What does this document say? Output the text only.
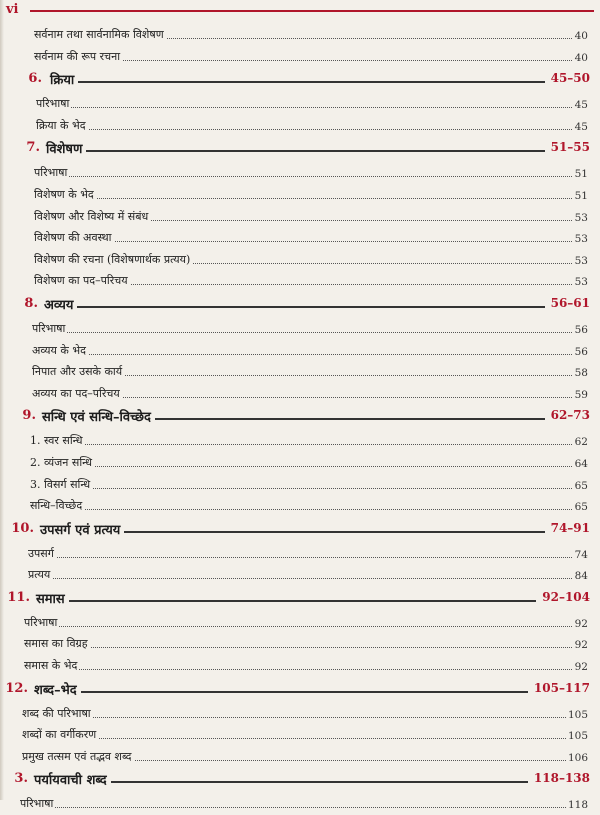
vi
सर्वनाम तथा सार्वनामिक विशेषण	40
सर्वनाम की रूप रचना	40
6. क्रिया	45–50
परिभाषा	45
क्रिया के भेद	45
7. विशेषण	51–55
परिभाषा	51
विशेषण के भेद	51
विशेषण और विशेष्य में संबंध	53
विशेषण की अवस्था	53
विशेषण की रचना (विशेषणार्थक प्रत्यय)	53
विशेषण का पद–परिचय	53
8. अव्यय	56–61
परिभाषा	56
अव्यय के भेद	56
निपात और उसके कार्य	58
अव्यय का पद–परिचय	59
9. सन्धि एवं सन्धि–विच्छेद	62–73
1. स्वर सन्धि	62
2. व्यंजन सन्धि	64
3. विसर्ग सन्धि	65
सन्धि–विच्छेद	65
10. उपसर्ग एवं प्रत्यय	74–91
उपसर्ग	74
प्रत्यय	84
11. समास	92–104
परिभाषा	92
समास का विग्रह	92
समास के भेद	92
12. शब्द–भेद	105–117
शब्द की परिभाषा	105
शब्दों का वर्गीकरण	105
प्रमुख तत्सम एवं तद्भव शब्द	106
3. पर्यायवाची शब्द	118–138
परिभाषा	118
